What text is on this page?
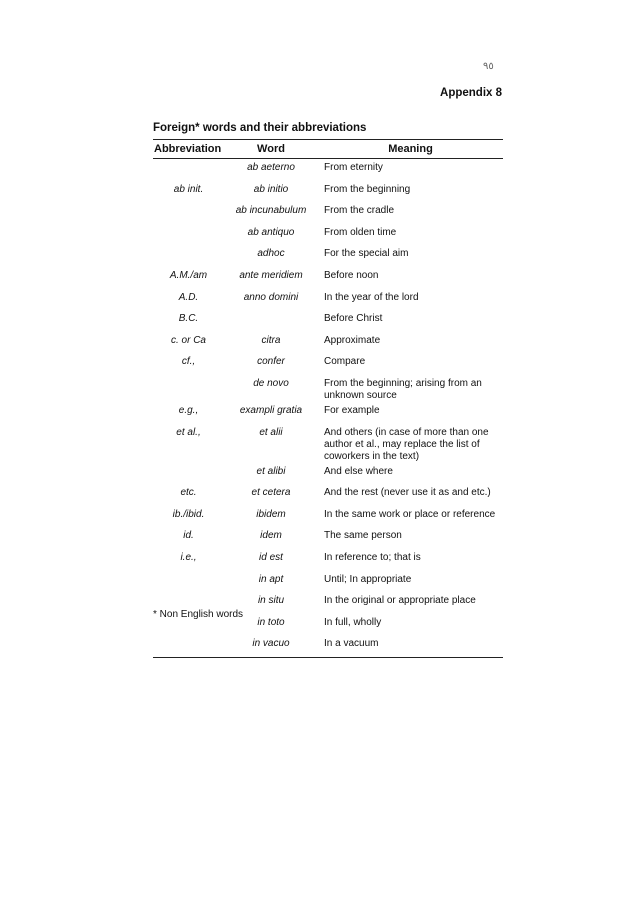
٩٥
Appendix 8
Foreign* words and their abbreviations
Abbreviation	Word	Meaning
	ab aeterno	From eternity
ab init.	ab initio	From the beginning
	ab incunabulum	From the cradle
	ab antiquo	From olden time
	adhoc	For the special aim
A.M./am	ante meridiem	Before noon
A.D.	anno domini	In the year of the lord
B.C.		Before Christ
c. or Ca	citra	Approximate
cf.,	confer	Compare
	de novo	From the beginning; arising from an unknown source
e.g.,	exampli gratia	For example
et al.,	et alii	And others (in case of more than one author et al., may replace the list of coworkers in the text)
	et alibi	And else where
etc.	et cetera	And the rest (never use it as and etc.)
ib./ibid.	ibidem	In the same work or place or reference
id.	idem	The same person
i.e.,	id est	In reference to; that is
	in apt	Until; In appropriate
	in situ	In the original or appropriate place
	in toto	In full, wholly
	in vacuo	In a vacuum
* Non English words
